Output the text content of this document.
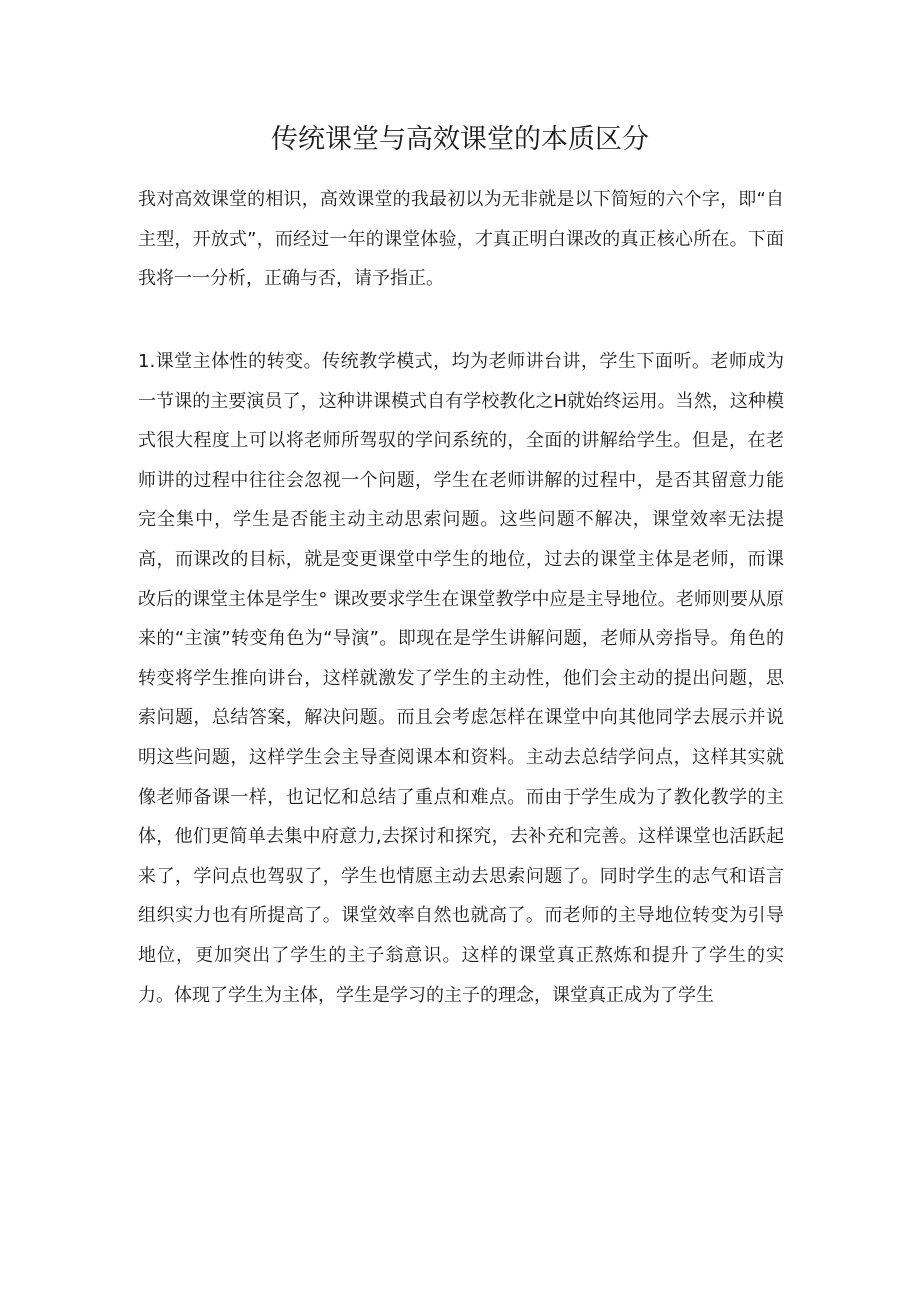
传统课堂与高效课堂的本质区分

我对高效课堂的相识，高效课堂的我最初以为无非就是以下简短的六个字，即“自主型，开放式”，而经过一年的课堂体验，才真正明白课改的真正核心所在。下面我将一一分析，正确与否，请予指正。

1.课堂主体性的转变。传统教学模式，均为老师讲台讲，学生下面听。老师成为一节课的主要演员了，这种讲课模式自有学校教化之H就始终运用。当然，这种模式很大程度上可以将老师所驾驭的学问系统的，全面的讲解给学生。但是，在老师讲的过程中往往会忽视一个问题，学生在老师讲解的过程中，是否其留意力能完全集中，学生是否能主动主动思索问题。这些问题不解决，课堂效率无法提高，而课改的目标，就是变更课堂中学生的地位，过去的课堂主体是老师，而课改后的课堂主体是学生° 课改要求学生在课堂教学中应是主导地位。老师则要从原来的“主演”转变角色为“导演”。即现在是学生讲解问题，老师从旁指导。角色的转变将学生推向讲台，这样就激发了学生的主动性，他们会主动的提出问题，思索问题，总结答案，解决问题。而且会考虑怎样在课堂中向其他同学去展示并说明这些问题，这样学生会主导查阅课本和资料。主动去总结学问点，这样其实就像老师备课一样，也记忆和总结了重点和难点。而由于学生成为了教化教学的主体，他们更简单去集中府意力,去探讨和探究，去补充和完善。这样课堂也活跃起来了，学问点也驾驭了，学生也情愿主动去思索问题了。同时学生的志气和语言组织实力也有所提高了。课堂效率自然也就高了。而老师的主导地位转变为引导地位，更加突出了学生的主子翁意识。这样的课堂真正熬炼和提升了学生的实力。体现了学生为主体，学生是学习的主子的理念，课堂真正成为了学生
